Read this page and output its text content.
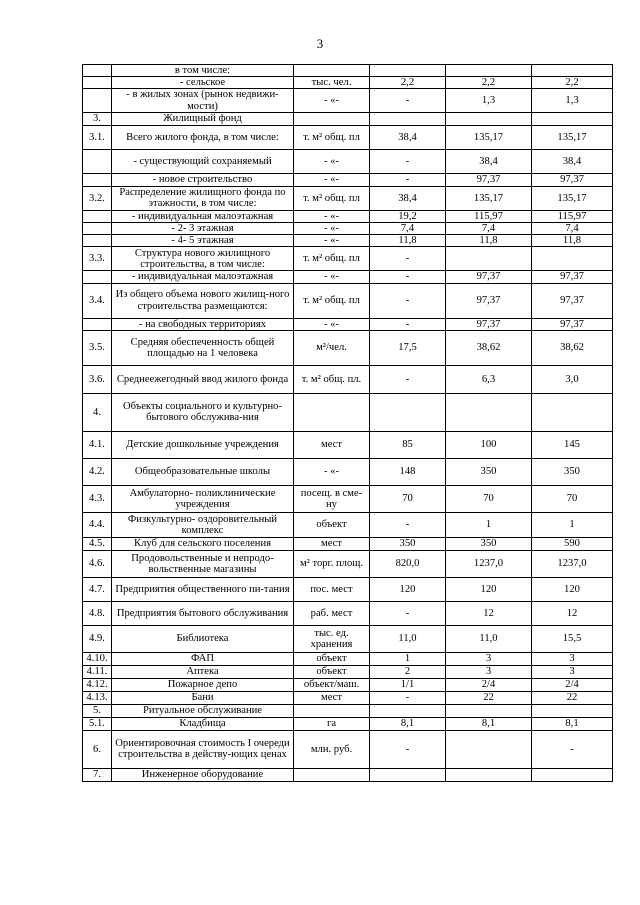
3
	в том числе:				
	- сельское	тыс. чел.	2,2	2,2	2,2
	- в жилых зонах (рынок недвижи-мости)	- «-	-	1,3	1,3
3.	Жилищный фонд				
3.1.	Всего жилого фонда, в том числе:	т. м² общ. пл	38,4	135,17	135,17
	- существующий сохраняемый	- «-	-	38,4	38,4
	- новое строительство	- «-	-	97,37	97,37
3.2.	Распределение жилищного фонда по этажности, в том числе:	т. м² общ. пл	38,4	135,17	135,17
	- индивидуальная малоэтажная	- «-	19,2	115,97	115,97
	- 2- 3 этажная	- «-	7,4	7,4	7,4
	- 4- 5 этажная	- «-	11,8	11,8	11,8
3.3.	Структура нового жилищного строительства, в том числе:	т. м² общ. пл	-		
	- индивидуальная малоэтажная	- «-	-	97,37	97,37
3.4.	Из общего объема нового жилищ-ного строительства размещаются:	т. м² общ. пл	-	97,37	97,37
	- на свободных территориях	- «-	-	97,37	97,37
3.5.	Средняя обеспеченность общей площадью на 1 человека	м²/чел.	17,5	38,62	38,62
3.6.	Среднеежегодный ввод жилого фонда	т. м² общ. пл.	-	6,3	3,0
4.	Объекты социального и культурно- бытового обслужива-ния				
4.1.	Детские дошкольные учреждения	мест	85	100	145
4.2.	Общеобразовательные школы	- «-	148	350	350
4.3.	Амбулаторно- поликлинические учреждения	посещ. в сме-ну	70	70	70
4.4.	Физкультурно- оздоровительный комплекс	объект	-	1	1
4.5.	Клуб для сельского поселения	мест	350	350	590
4.6.	Продовольственные и непродо-вольственные магазины	м² торг. площ.	820,0	1237,0	1237,0
4.7.	Предприятия общественного пи-тания	пос. мест	120	120	120
4.8.	Предприятия бытового обслуживания	раб. мест	-	12	12
4.9.	Библиотека	тыс. ед. хранения	11,0	11,0	15,5
4.10.	ФАП	объект	1	3	3
4.11.	Аптека	объект	2	3	3
4.12.	Пожарное депо	объект/маш.	1/1	2/4	2/4
4.13.	Бани	мест	-	22	22
5.	Ритуальное обслуживание				
5.1.	Кладбища	га	8,1	8,1	8,1
6.	Ориентировочная стоимость I очереди строительства в действу-ющих ценах	млн. руб.	-		-
7.	Инженерное оборудование				
